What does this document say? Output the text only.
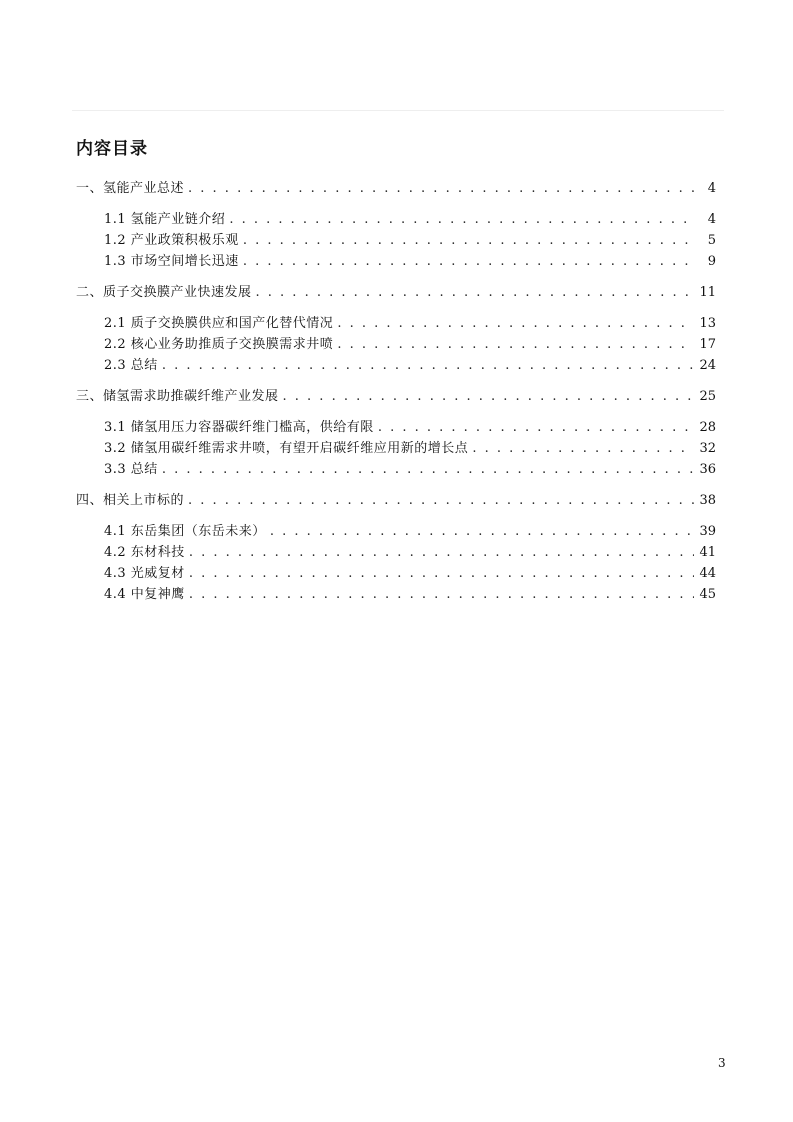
内容目录
一、氢能产业总述 . . .	4
1.1 氢能产业链介绍 . . .	4
1.2 产业政策积极乐观 . . .	5
1.3 市场空间增长迅速 . . .	9
二、质子交换膜产业快速发展 . . .	11
2.1 质子交换膜供应和国产化替代情况 . . .	13
2.2 核心业务助推质子交换膜需求井喷 . . .	17
2.3 总结 . . .	24
三、储氢需求助推碳纤维产业发展 . . .	25
3.1 储氢用压力容器碳纤维门槛高，供给有限 . . .	28
3.2 储氢用碳纤维需求井喷，有望开启碳纤维应用新的增长点 . . .	32
3.3 总结 . . .	36
四、相关上市标的 . . .	38
4.1 东岳集团（东岳未来） . . .	39
4.2 东材科技 . . .	41
4.3 光威复材 . . .	44
4.4 中复神鹰 . . .	45
3
